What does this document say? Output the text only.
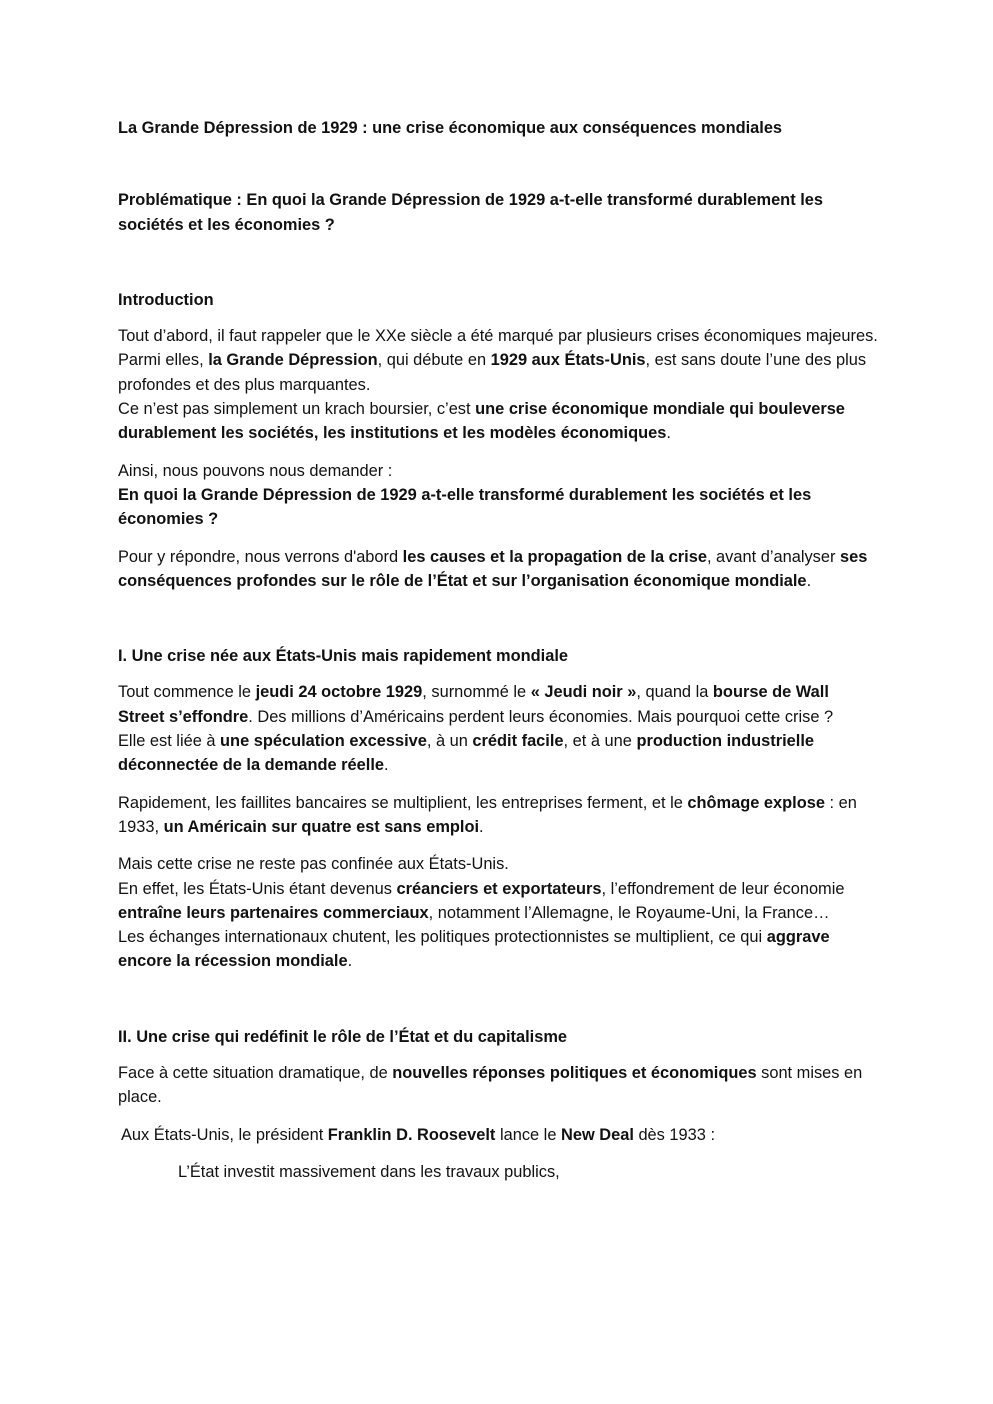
La Grande Dépression de 1929 : une crise économique aux conséquences mondiales

Problématique : En quoi la Grande Dépression de 1929 a-t-elle transformé durablement les sociétés et les économies ?

Introduction

Tout d’abord, il faut rappeler que le XXe siècle a été marqué par plusieurs crises économiques majeures. Parmi elles, la Grande Dépression, qui débute en 1929 aux États-Unis, est sans doute l’une des plus profondes et des plus marquantes.
Ce n’est pas simplement un krach boursier, c’est une crise économique mondiale qui bouleverse durablement les sociétés, les institutions et les modèles économiques.

Ainsi, nous pouvons nous demander :
En quoi la Grande Dépression de 1929 a-t-elle transformé durablement les sociétés et les économies ?

Pour y répondre, nous verrons d'abord les causes et la propagation de la crise, avant d’analyser ses conséquences profondes sur le rôle de l’État et sur l’organisation économique mondiale.

I. Une crise née aux États-Unis mais rapidement mondiale

Tout commence le jeudi 24 octobre 1929, surnommé le « Jeudi noir », quand la bourse de Wall Street s’effondre. Des millions d’Américains perdent leurs économies. Mais pourquoi cette crise ?
Elle est liée à une spéculation excessive, à un crédit facile, et à une production industrielle déconnectée de la demande réelle.

Rapidement, les faillites bancaires se multiplient, les entreprises ferment, et le chômage explose : en 1933, un Américain sur quatre est sans emploi.

Mais cette crise ne reste pas confinée aux États-Unis.
En effet, les États-Unis étant devenus créanciers et exportateurs, l’effondrement de leur économie entraîne leurs partenaires commerciaux, notamment l’Allemagne, le Royaume-Uni, la France…
Les échanges internationaux chutent, les politiques protectionnistes se multiplient, ce qui aggrave encore la récession mondiale.

II. Une crise qui redéfinit le rôle de l’État et du capitalisme

Face à cette situation dramatique, de nouvelles réponses politiques et économiques sont mises en place.

Aux États-Unis, le président Franklin D. Roosevelt lance le New Deal dès 1933 :

L’État investit massivement dans les travaux publics,
